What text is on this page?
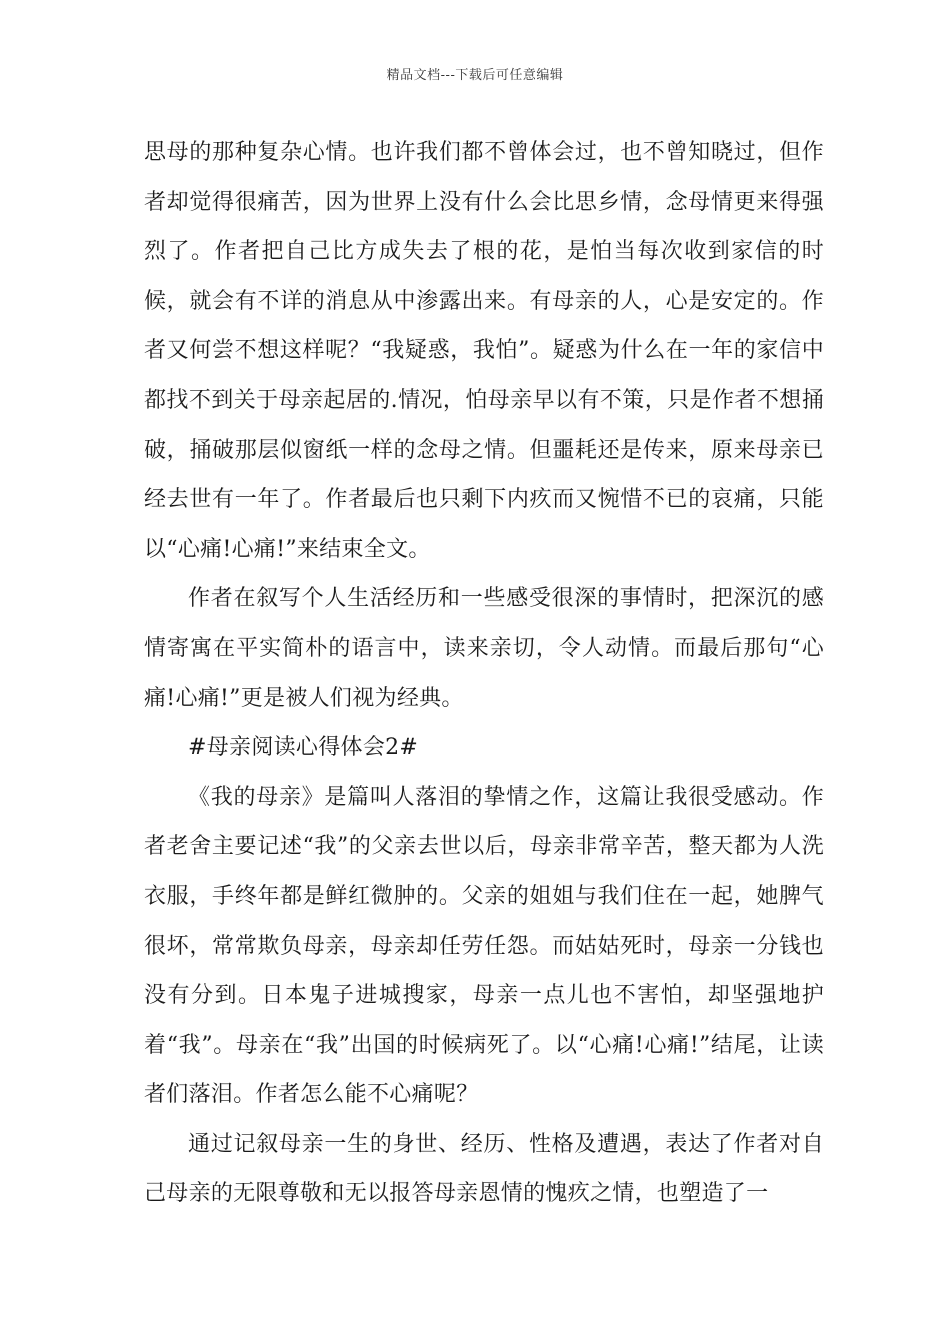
精品文档---下载后可任意编辑

思母的那种复杂心情。也许我们都不曾体会过，也不曾知晓过，但作者却觉得很痛苦，因为世界上没有什么会比思乡情，念母情更来得强烈了。作者把自己比方成失去了根的花，是怕当每次收到家信的时候，就会有不详的消息从中渗露出来。有母亲的人，心是安定的。作者又何尝不想这样呢？“我疑惑，我怕”。疑惑为什么在一年的家信中都找不到关于母亲起居的.情况，怕母亲早以有不策，只是作者不想捅破，捅破那层似窗纸一样的念母之情。但噩耗还是传来，原来母亲已经去世有一年了。作者最后也只剩下内疚而又惋惜不已的哀痛，只能以“心痛!心痛!”来结束全文。

作者在叙写个人生活经历和一些感受很深的事情时，把深沉的感情寄寓在平实简朴的语言中，读来亲切，令人动情。而最后那句“心痛!心痛!”更是被人们视为经典。

#母亲阅读心得体会2#

《我的母亲》是篇叫人落泪的挚情之作，这篇让我很受感动。作者老舍主要记述“我”的父亲去世以后，母亲非常辛苦，整天都为人洗衣服，手终年都是鲜红微肿的。父亲的姐姐与我们住在一起，她脾气很坏，常常欺负母亲，母亲却任劳任怨。而姑姑死时，母亲一分钱也没有分到。日本鬼子进城搜家，母亲一点儿也不害怕，却坚强地护着“我”。母亲在“我”出国的时候病死了。以“心痛!心痛!”结尾，让读者们落泪。作者怎么能不心痛呢？

通过记叙母亲一生的身世、经历、性格及遭遇，表达了作者对自己母亲的无限尊敬和无以报答母亲恩情的愧疚之情，也塑造了一
